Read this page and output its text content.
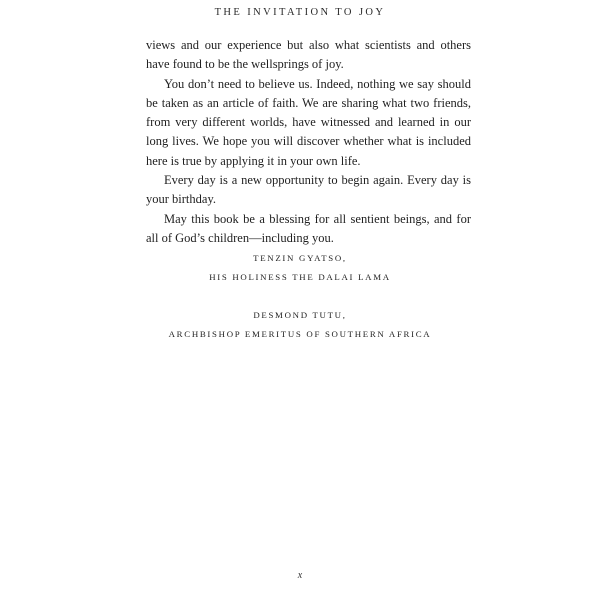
THE INVITATION TO JOY

views and our experience but also what scientists and others have found to be the wellsprings of joy.

You don’t need to believe us. Indeed, nothing we say should be taken as an article of faith. We are sharing what two friends, from very different worlds, have witnessed and learned in our long lives. We hope you will discover whether what is included here is true by applying it in your own life.

Every day is a new opportunity to begin again. Every day is your birthday.

May this book be a blessing for all sentient beings, and for all of God’s children—including you.

TENZIN GYATSO,
HIS HOLINESS THE DALAI LAMA
DESMOND TUTU,
ARCHBISHOP EMERITUS OF SOUTHERN AFRICA
x
